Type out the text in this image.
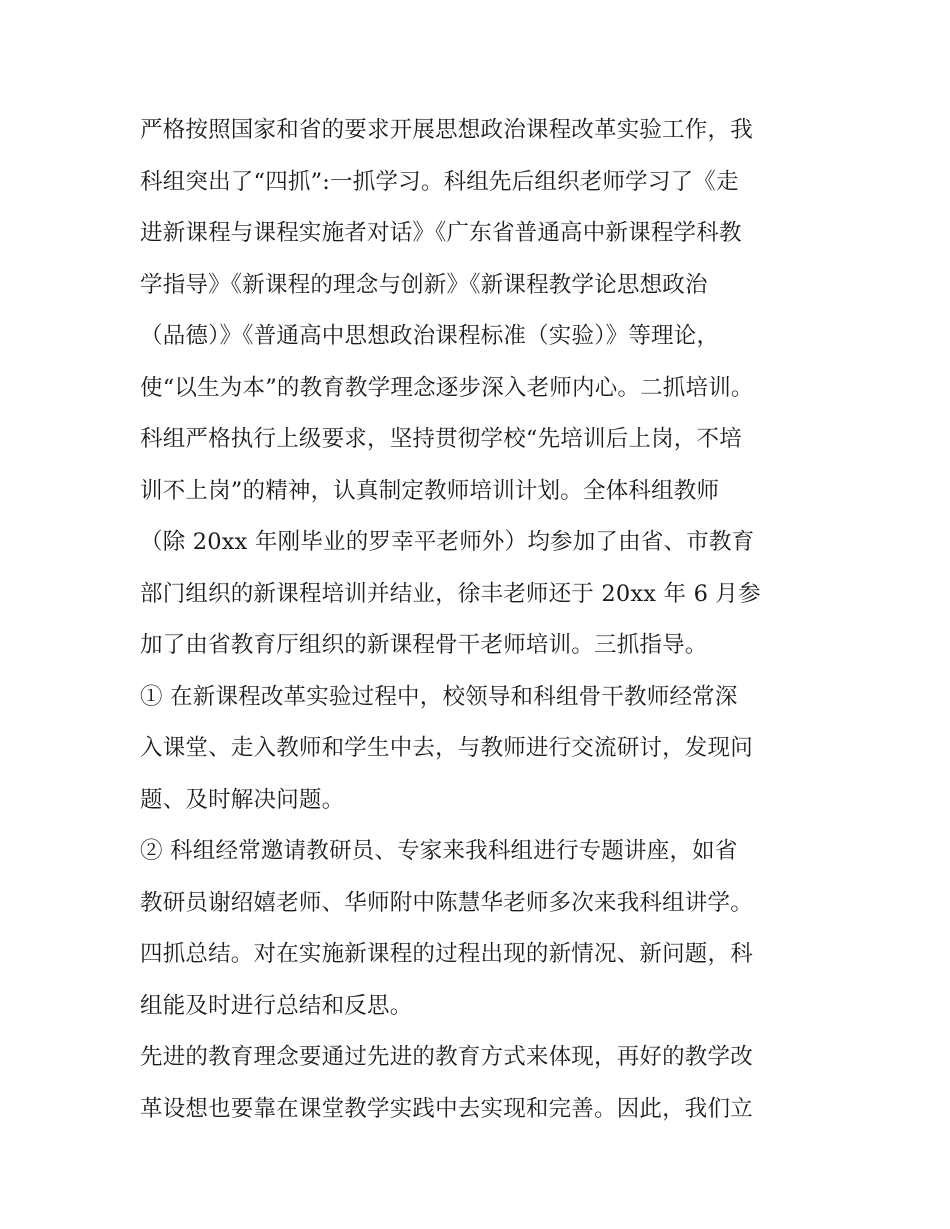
严格按照国家和省的要求开展思想政治课程改革实验工作，我
科组突出了“四抓”:一抓学习。科组先后组织老师学习了《走
进新课程与课程实施者对话》《广东省普通高中新课程学科教
学指导》《新课程的理念与创新》《新课程教学论思想政治
（品德）》《普通高中思想政治课程标准（实验）》等理论，
使“以生为本”的教育教学理念逐步深入老师内心。二抓培训。
科组严格执行上级要求，坚持贯彻学校“先培训后上岗，不培
训不上岗”的精神，认真制定教师培训计划。全体科组教师
（除 20xx 年刚毕业的罗幸平老师外）均参加了由省、市教育
部门组织的新课程培训并结业，徐丰老师还于 20xx 年 6 月参
加了由省教育厅组织的新课程骨干老师培训。三抓指导。
① 在新课程改革实验过程中，校领导和科组骨干教师经常深
入课堂、走入教师和学生中去，与教师进行交流研讨，发现问
题、及时解决问题。
② 科组经常邀请教研员、专家来我科组进行专题讲座，如省
教研员谢绍嬉老师、华师附中陈慧华老师多次来我科组讲学。
四抓总结。对在实施新课程的过程出现的新情况、新问题，科
组能及时进行总结和反思。
先进的教育理念要通过先进的教育方式来体现，再好的教学改
革设想也要靠在课堂教学实践中去实现和完善。因此，我们立
